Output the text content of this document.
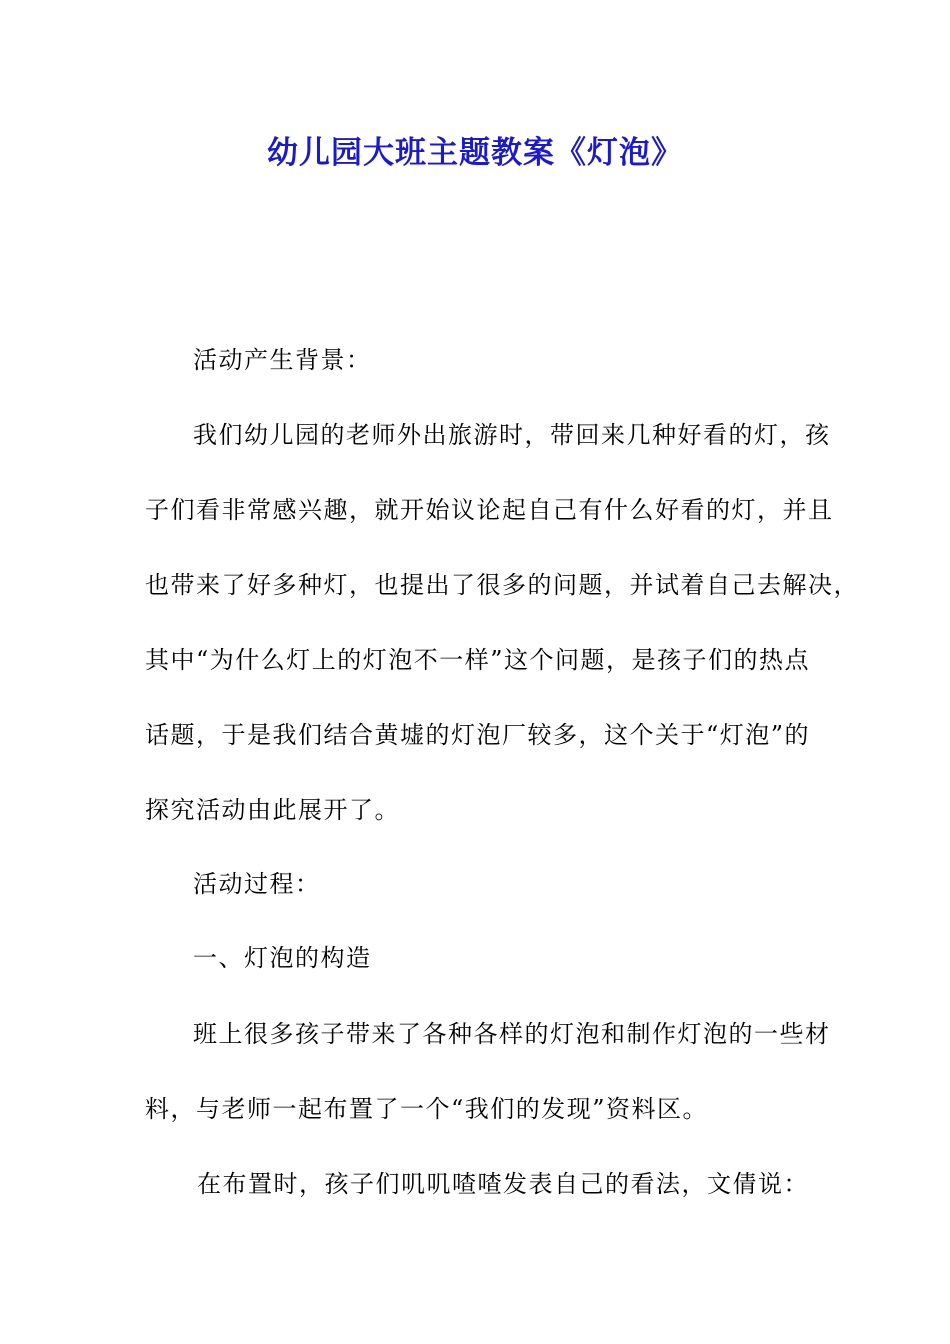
幼儿园大班主题教案《灯泡》
活动产生背景：
我们幼儿园的老师外出旅游时，带回来几种好看的灯，孩
子们看非常感兴趣，就开始议论起自己有什么好看的灯，并且
也带来了好多种灯，也提出了很多的问题，并试着自己去解决，
其中“为什么灯上的灯泡不一样”这个问题，是孩子们的热点
话题，于是我们结合黄墟的灯泡厂较多，这个关于“灯泡”的
探究活动由此展开了。
活动过程：
一、灯泡的构造
班上很多孩子带来了各种各样的灯泡和制作灯泡的一些材
料，与老师一起布置了一个“我们的发现”资料区。
在布置时，孩子们叽叽喳喳发表自己的看法，文倩说：
